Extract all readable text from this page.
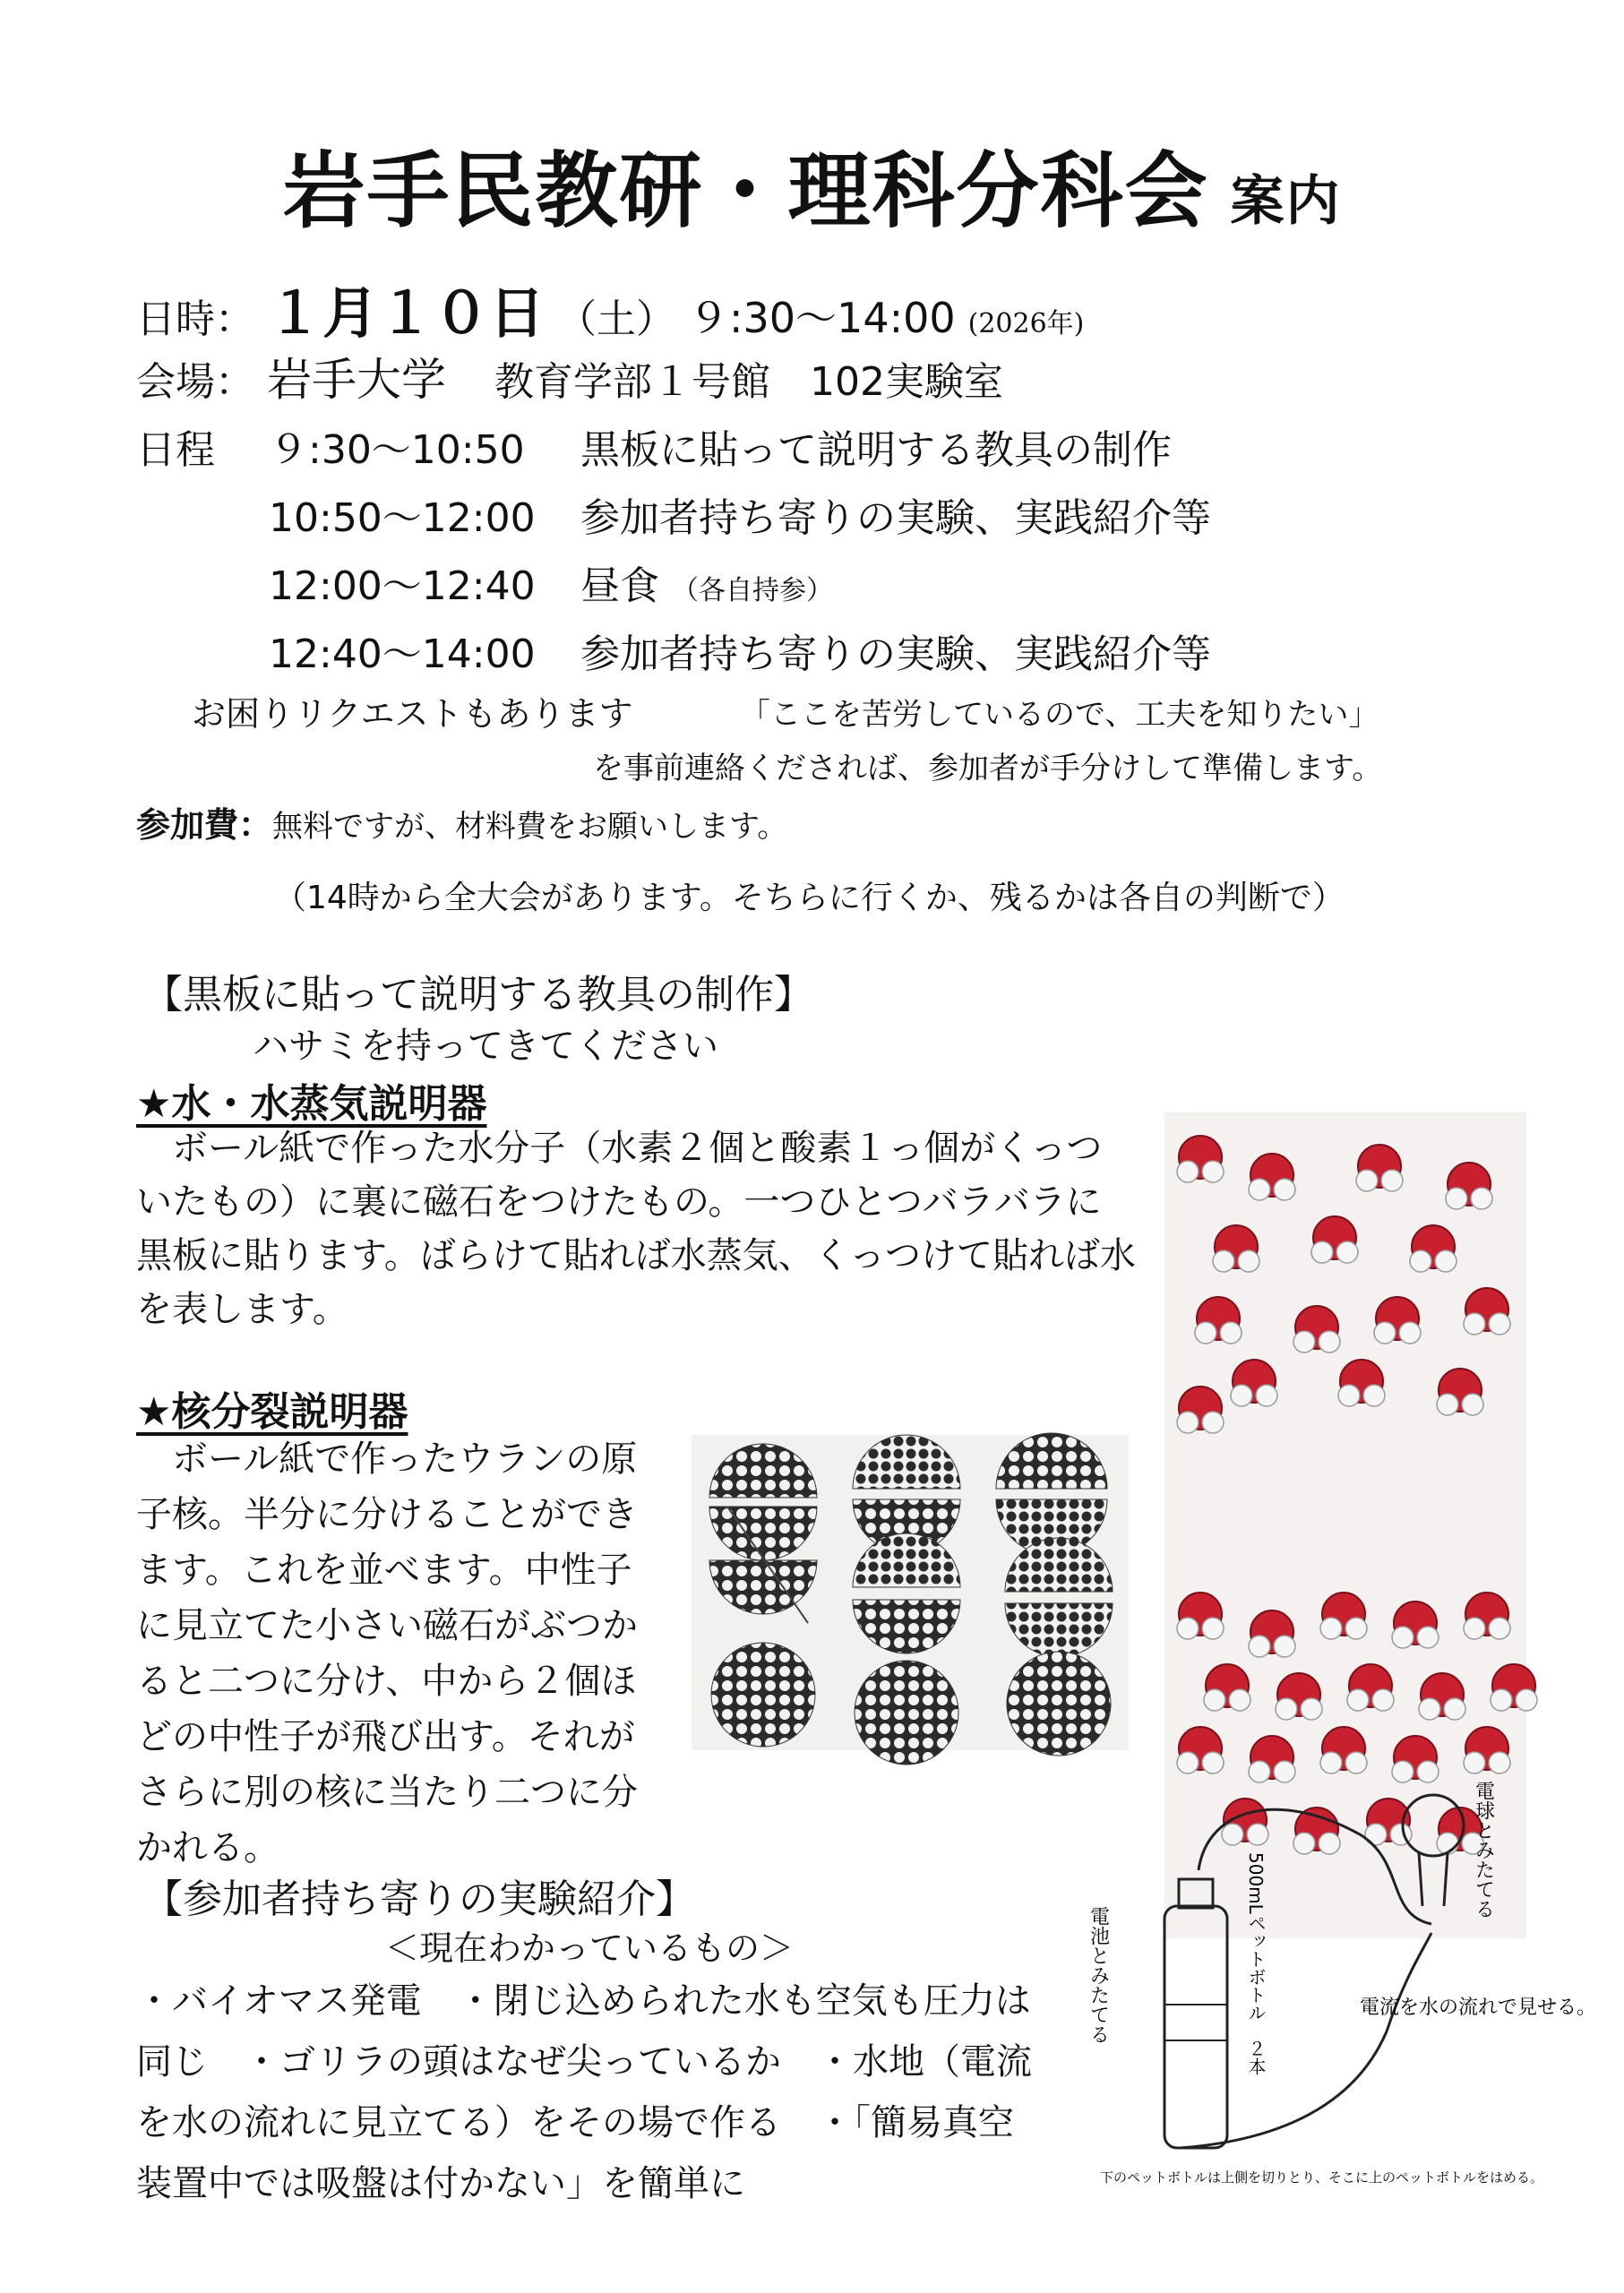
岩手民教研・理科分科会 案内
日時： １月１０日 （土） ９:30〜14:00 (2026年)
会場： 岩手大学 教育学部１号館　102実験室
日程 ９:30〜10:50 黒板に貼って説明する教具の制作
10:50〜12:00 参加者持ち寄りの実験、実践紹介等
12:00〜12:40 昼食 （各自持参）
12:40〜14:00 参加者持ち寄りの実験、実践紹介等
お困りリクエストもあります	「ここを苦労しているので、工夫を知りたい」
を事前連絡くだされば、参加者が手分けして準備します。
参加費：無料ですが、材料費をお願いします。
（14時から全大会があります。そちらに行くか、残るかは各自の判断で）
【黒板に貼って説明する教具の制作】
ハサミを持ってきてください
★水・水蒸気説明器
　ボール紙で作った水分子（水素２個と酸素１っ個がくっついたもの）に裏に磁石をつけたもの。一つひとつバラバラに黒板に貼ります。ばらけて貼れば水蒸気、くっつけて貼れば水を表します。
★核分裂説明器
　ボール紙で作ったウランの原子核。半分に分けることができます。これを並べます。中性子に見立てた小さい磁石がぶつかると二つに分け、中から２個ほどの中性子が飛び出す。それがさらに別の核に当たり二つに分かれる。
【参加者持ち寄りの実験紹介】
＜現在わかっているもの＞
・バイオマス発電　・閉じ込められた水も空気も圧力は同じ　・ゴリラの頭はなぜ尖っているか　・水地（電流を水の流れに見立てる）をその場で作る　・「簡易真空装置中では吸盤は付かない」を簡単に
電球とみたてる
500mLペットボトル　２本
電池とみたてる	電流を水の流れで見せる。
下のペットボトルは上側を切りとり、そこに上のペットボトルをはめる。
